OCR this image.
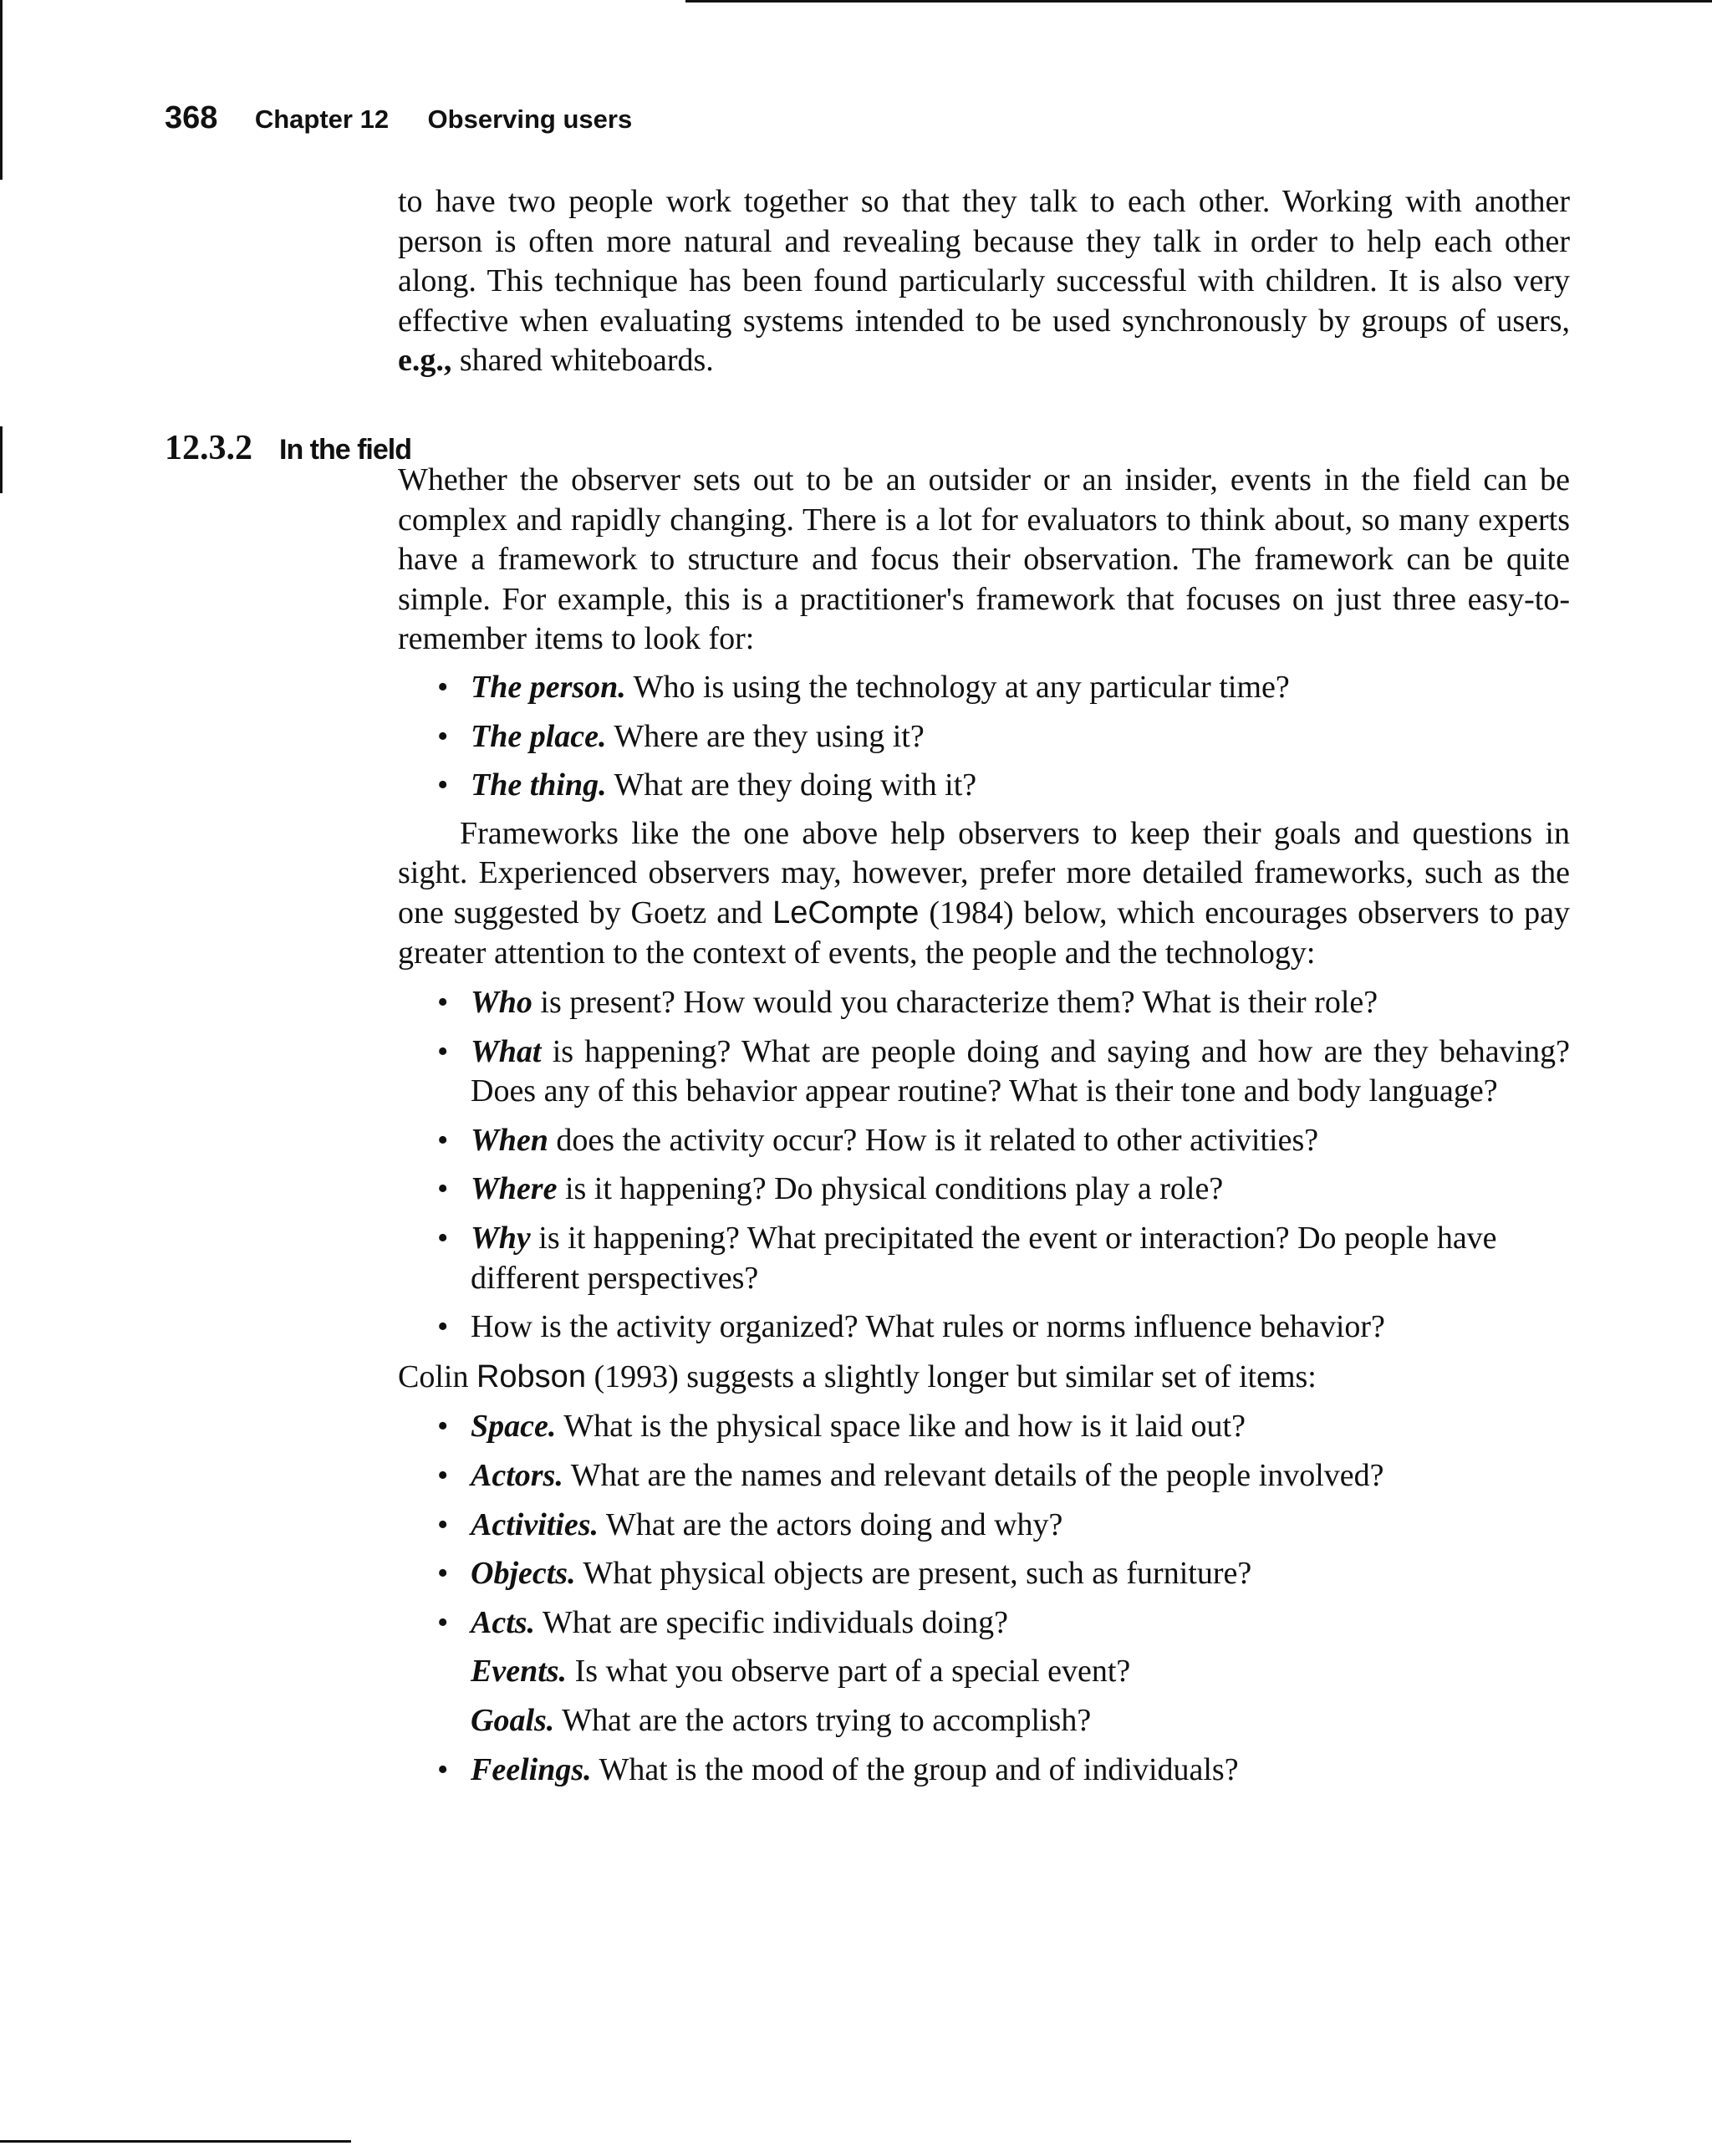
368 Chapter 12 Observing users
12.3.2 In the field

to have two people work together so that they talk to each other. Working with another person is often more natural and revealing because they talk in order to help each other along. This technique has been found particularly successful with children. It is also very effective when evaluating systems intended to be used synchronously by groups of users, e.g., shared whiteboards.

Whether the observer sets out to be an outsider or an insider, events in the field can be complex and rapidly changing. There is a lot for evaluators to think about, so many experts have a framework to structure and focus their observation. The framework can be quite simple. For example, this is a practitioner's framework that focuses on just three easy-to-remember items to look for:

• The person. Who is using the technology at any particular time?
• The place. Where are they using it?
• The thing. What are they doing with it?

Frameworks like the one above help observers to keep their goals and questions in sight. Experienced observers may, however, prefer more detailed frameworks, such as the one suggested by Goetz and LeCompte (1984) below, which encourages observers to pay greater attention to the context of events, the people and the technology:

• Who is present? How would you characterize them? What is their role?
• What is happening? What are people doing and saying and how are they behaving? Does any of this behavior appear routine? What is their tone and body language?
• When does the activity occur? How is it related to other activities?
• Where is it happening? Do physical conditions play a role?
• Why is it happening? What precipitated the event or interaction? Do people have different perspectives?
• How is the activity organized? What rules or norms influence behavior?

Colin Robson (1993) suggests a slightly longer but similar set of items:

• Space. What is the physical space like and how is it laid out?
• Actors. What are the names and relevant details of the people involved?
• Activities. What are the actors doing and why?
• Objects. What physical objects are present, such as furniture?
• Acts. What are specific individuals doing?
Events. Is what you observe part of a special event?
Goals. What are the actors trying to accomplish?
• Feelings. What is the mood of the group and of individuals?
